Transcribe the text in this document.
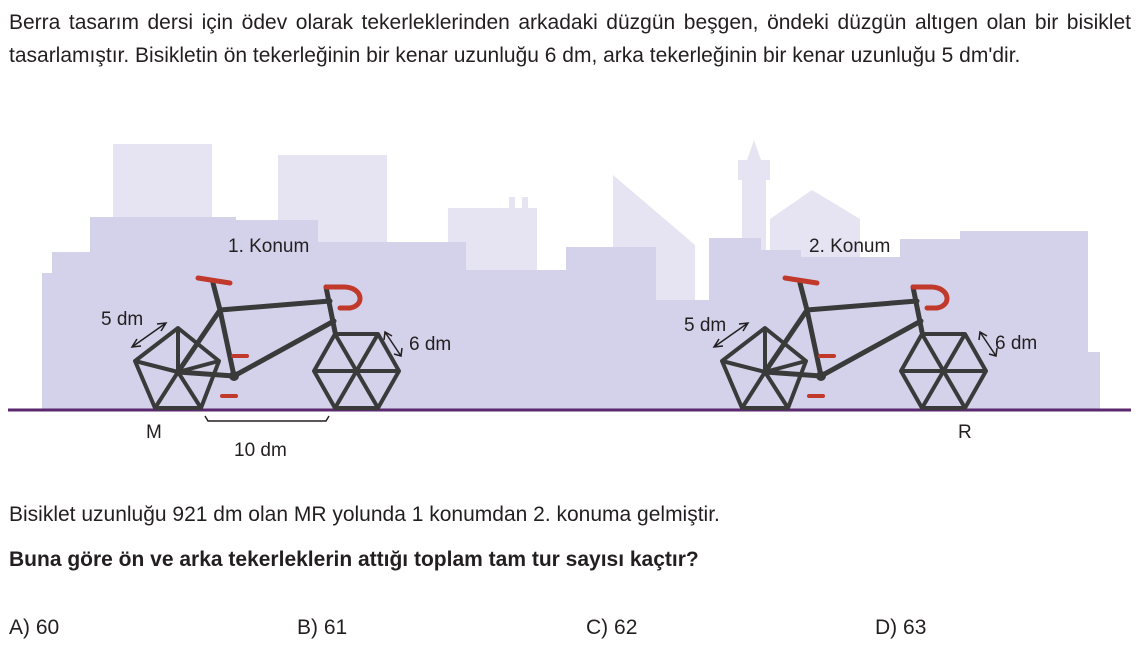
Berra tasarım dersi için ödev olarak tekerleklerinden arkadaki düzgün beşgen, öndeki düzgün altıgen olan bir bisiklet tasarlamıştır. Bisikletin ön tekerleğinin bir kenar uzunluğu 6 dm, arka tekerleğinin bir kenar uzunluğu 5 dm'dir.

1. Konum	2. Konum
5 dm
6 dm
5 dm
6 dm
10 dm
M	R

Bisiklet uzunluğu 921 dm olan MR yolunda 1 konumdan 2. konuma gelmiştir.

Buna göre ön ve arka tekerleklerin attığı toplam tam tur sayısı kaçtır?

A) 60	B) 61	C) 62	D) 63
